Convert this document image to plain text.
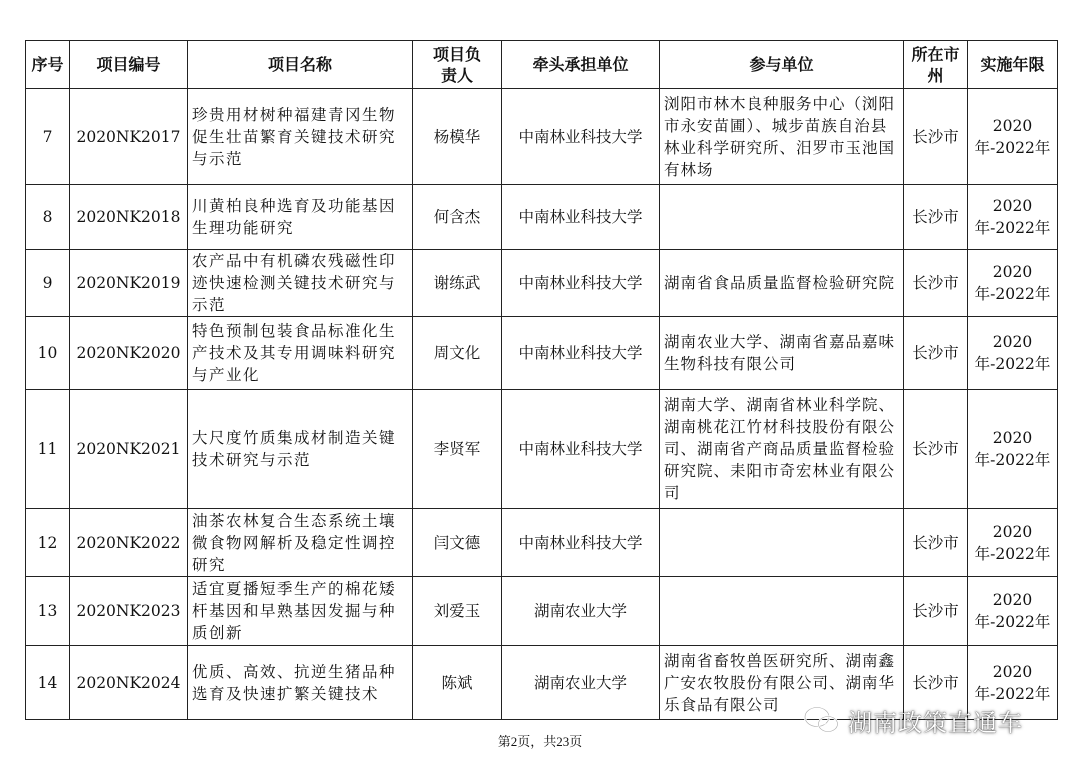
序号	项目编号	项目名称	项目负责人	牵头承担单位	参与单位	所在市州	实施年限
7	2020NK2017	珍贵用材树种福建青冈生物促生壮苗繁育关键技术研究与示范	杨模华	中南林业科技大学	浏阳市林木良种服务中心（浏阳市永安苗圃）、城步苗族自治县林业科学研究所、汨罗市玉池国有林场	长沙市	2020年-2022年
8	2020NK2018	川黄柏良种选育及功能基因生理功能研究	何含杰	中南林业科技大学		长沙市	2020年-2022年
9	2020NK2019	农产品中有机磷农残磁性印迹快速检测关键技术研究与示范	谢练武	中南林业科技大学	湖南省食品质量监督检验研究院	长沙市	2020年-2022年
10	2020NK2020	特色预制包装食品标准化生产技术及其专用调味料研究与产业化	周文化	中南林业科技大学	湖南农业大学、湖南省嘉品嘉味生物科技有限公司	长沙市	2020年-2022年
11	2020NK2021	大尺度竹质集成材制造关键技术研究与示范	李贤军	中南林业科技大学	湖南大学、湖南省林业科学院、湖南桃花江竹材科技股份有限公司、湖南省产商品质量监督检验研究院、耒阳市奇宏林业有限公司	长沙市	2020年-2022年
12	2020NK2022	油茶农林复合生态系统土壤微食物网解析及稳定性调控研究	闫文德	中南林业科技大学		长沙市	2020年-2022年
13	2020NK2023	适宜夏播短季生产的棉花矮杆基因和早熟基因发掘与种质创新	刘爱玉	湖南农业大学		长沙市	2020年-2022年
14	2020NK2024	优质、高效、抗逆生猪品种选育及快速扩繁关键技术	陈斌	湖南农业大学	湖南省畜牧兽医研究所、湖南鑫广安农牧股份有限公司、湖南华乐食品有限公司	长沙市	2020年-2022年
第2页，共23页
湖南政策直通车
